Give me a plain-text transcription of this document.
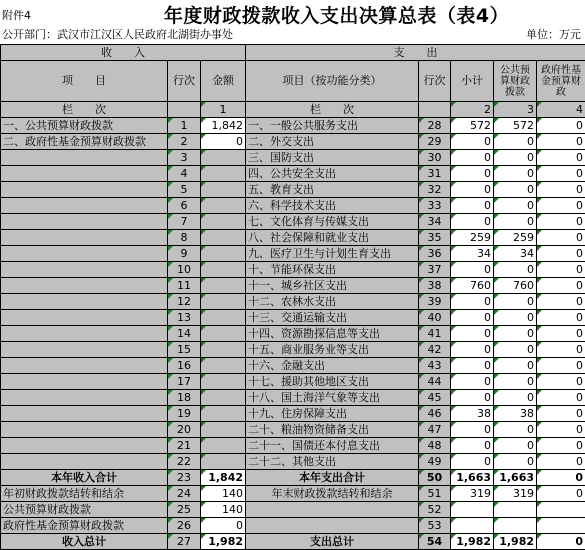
附件4	年度财政拨款收入支出决算总表（表4）
公开部门：武汉市江汉区人民政府北湖街办事处	单位：万元
收　　入			支　　出				
项　　目	行次	金额	项目（按功能分类）	行次	小计	公共预算财政拨款	政府性基金预算财政
栏　　次		1	栏　　次		2	3	4
一、公共预算财政拨款	1	1,842	一、一般公共服务支出	28	572	572	0
二、政府性基金预算财政拨款	2	0	二、外交支出	29	0	0	0
	3		三、国防支出	30	0	0	0
	4		四、公共安全支出	31	0	0	0
	5		五、教育支出	32	0	0	0
	6		六、科学技术支出	33	0	0	0
	7		七、文化体育与传媒支出	34	0	0	0
	8		八、社会保障和就业支出	35	259	259	0
	9		九、医疗卫生与计划生育支出	36	34	34	0
	10		十、节能环保支出	37	0	0	0
	11		十一、城乡社区支出	38	760	760	0
	12		十二、农林水支出	39	0	0	0
	13		十三、交通运输支出	40	0	0	0
	14		十四、资源勘探信息等支出	41	0	0	0
	15		十五、商业服务业等支出	42	0	0	0
	16		十六、金融支出	43	0	0	0
	17		十七、援助其他地区支出	44	0	0	0
	18		十八、国土海洋气象等支出	45	0	0	0
	19		十九、住房保障支出	46	38	38	0
	20		二十、粮油物资储备支出	47	0	0	0
	21		二十一、国债还本付息支出	48	0	0	0
	22		二十二、其他支出	49	0	0	0
本年收入合计	23	1,842	本年支出合计	50	1,663	1,663	0
年初财政拨款结转和结余	24	140	年末财政拨款结转和结余	51	319	319	0
公共预算财政拨款	25	140		52			
政府性基金预算财政拨款	26	0		53			
收入总计	27	1,982	支出总计	54	1,982	1,982	0
